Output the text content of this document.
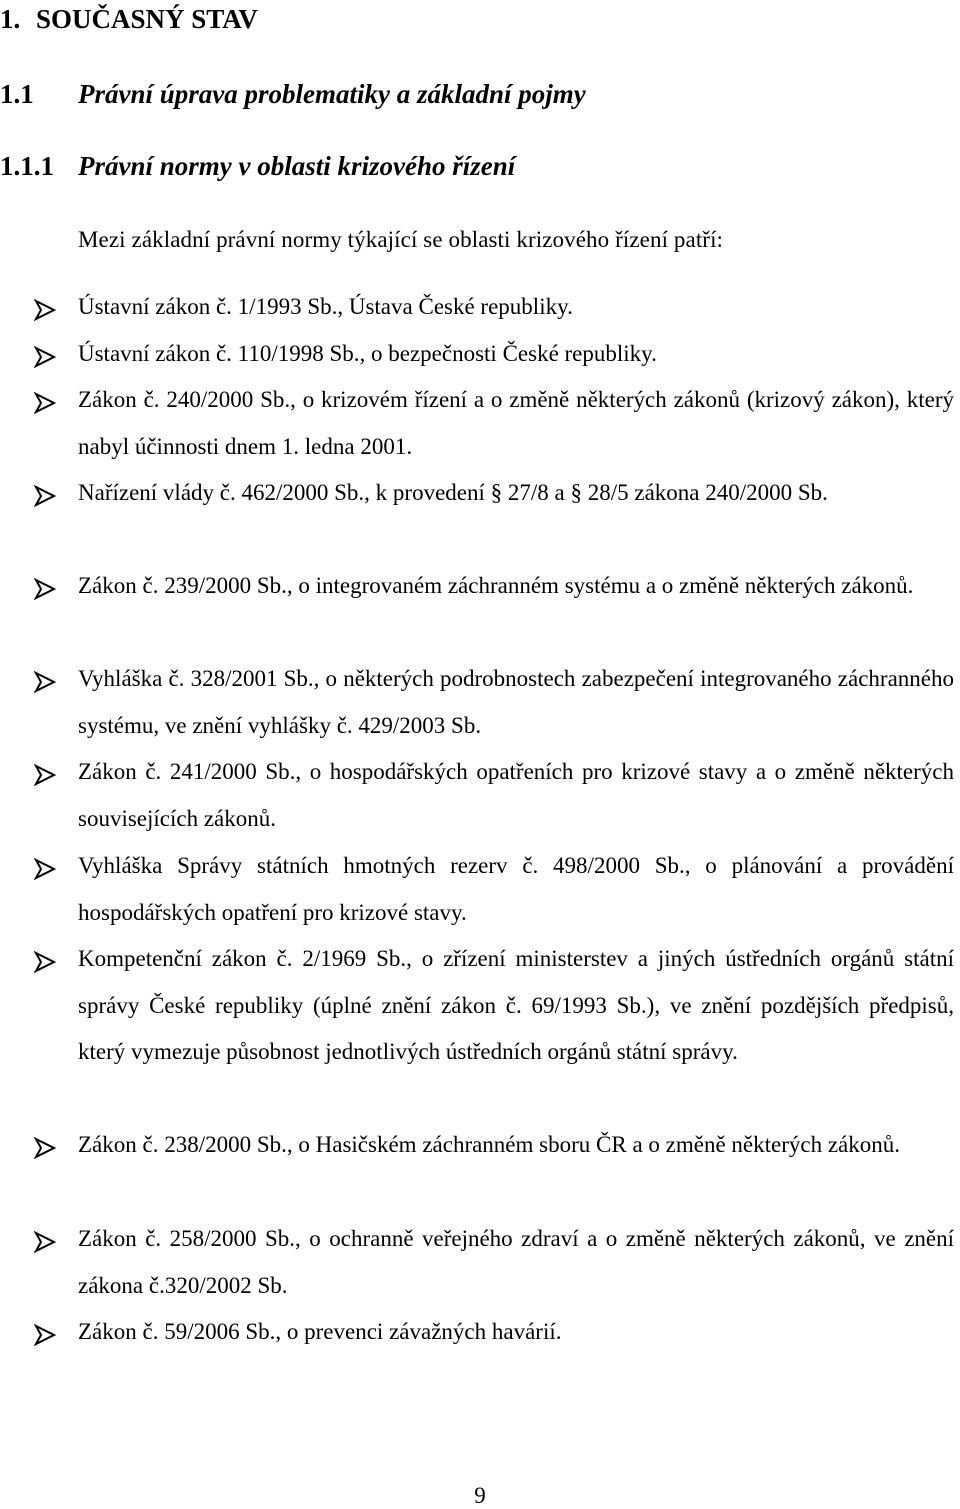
1. SOUČASNÝ STAV
1.1 Právní úprava problematiky a základní pojmy
1.1.1 Právní normy v oblasti krizového řízení
Mezi základní právní normy týkající se oblasti krizového řízení patří:
Ústavní zákon č. 1/1993 Sb., Ústava České republiky.
Ústavní zákon č. 110/1998 Sb., o bezpečnosti České republiky.
Zákon č. 240/2000 Sb., o krizovém řízení a o změně některých zákonů (krizový zákon), který nabyl účinnosti dnem 1. ledna 2001.
Nařízení vlády č. 462/2000 Sb., k provedení § 27/8 a § 28/5 zákona 240/2000 Sb.
Zákon č. 239/2000 Sb., o integrovaném záchranném systému a o změně některých zákonů.
Vyhláška č. 328/2001 Sb., o některých podrobnostech zabezpečení integrovaného záchranného systému, ve znění vyhlášky č. 429/2003 Sb.
Zákon č. 241/2000 Sb., o hospodářských opatřeních pro krizové stavy a o změně některých souvisejících zákonů.
Vyhláška Správy státních hmotných rezerv č. 498/2000 Sb., o plánování a provádění hospodářských opatření pro krizové stavy.
Kompetenční zákon č. 2/1969 Sb., o zřízení ministerstev a jiných ústředních orgánů státní správy České republiky (úplné znění zákon č. 69/1993 Sb.), ve znění pozdějších předpisů, který vymezuje působnost jednotlivých ústředních orgánů státní správy.
Zákon č. 238/2000 Sb., o Hasičském záchranném sboru ČR a o změně některých zákonů.
Zákon č. 258/2000 Sb., o ochranně veřejného zdraví a o změně některých zákonů, ve znění zákona č.320/2002 Sb.
Zákon č. 59/2006 Sb., o prevenci závažných havárií.
9
